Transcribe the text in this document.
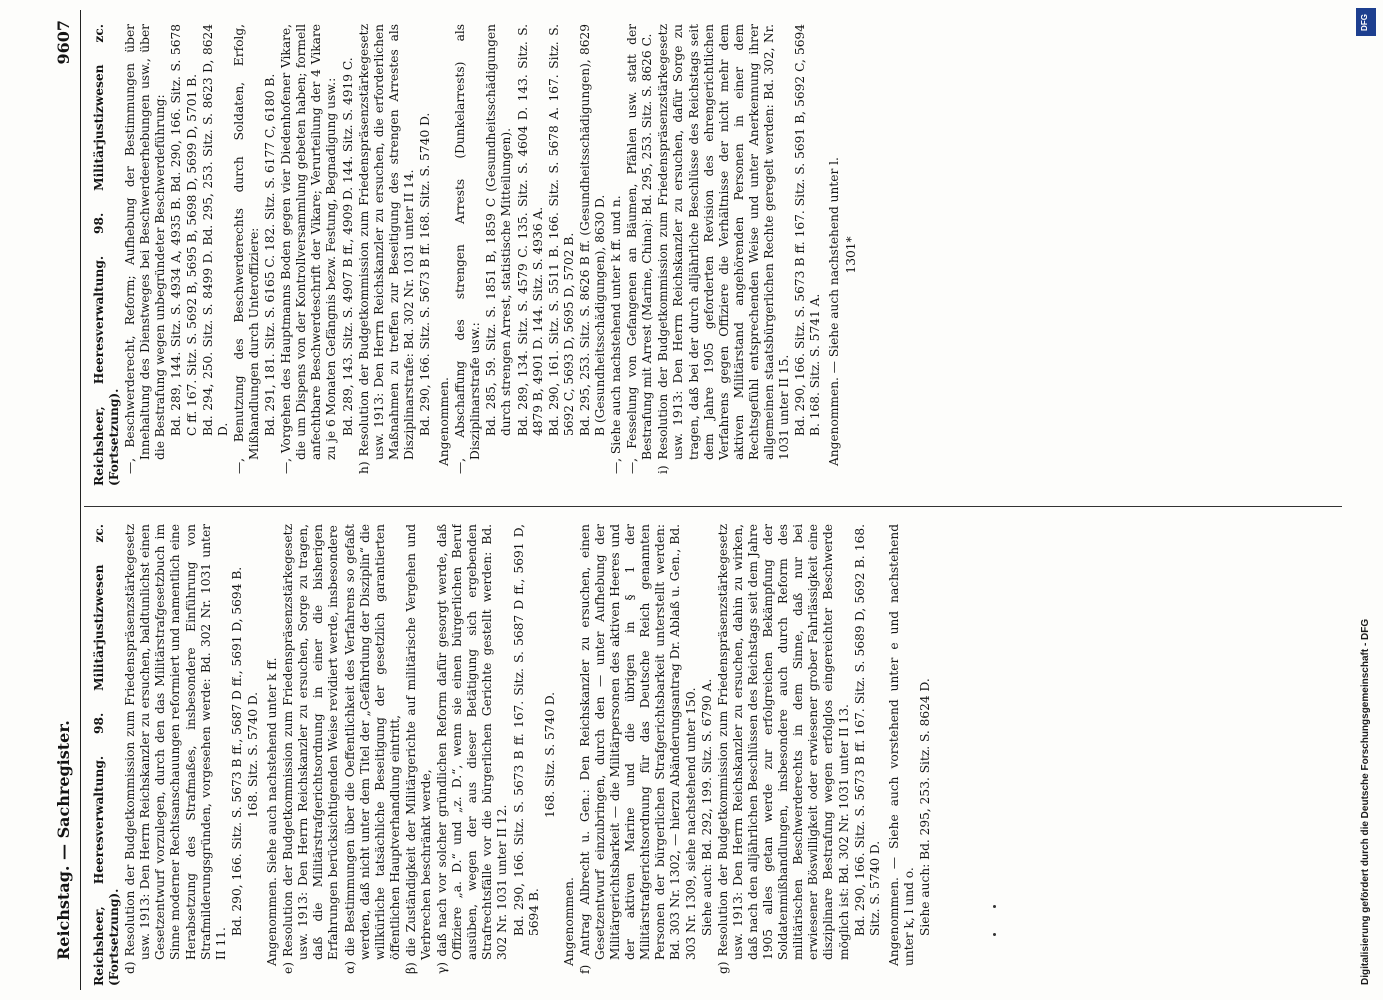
Reichstag. — Sachregister.
9607

Reichsheer, Heeresverwaltung. 98. Militärjustizwesen zc. (Fortsetzung). d) Resolution der Budgetkommission zum Friedenspräsenzstärkegesetz usw. 1913: Den Herrn Reichskanzler zu ersuchen, baldtunlichst einen Gesetzentwurf vorzulegen, durch den das Militärstrafgesetzbuch im Sinne moderner Rechtsanschauungen reformiert und namentlich eine Herabsetzung des Strafmaßes, insbesondere Einführung von Strafmilderungsgründen, vorgesehen werde: Bd. 302 Nr. 1031 unter II 11.

Bd. 290, 166. Sitz. S. 5673 B ff., 5687 D ff., 5691 D, 5694 B. 168. Sitz. S. 5740 D. Angenommen. Siehe auch nachstehend unter k ff. e) Resolution der Budgetkommission zum Friedenspräsenzstärkegesetz usw. 1913: Den Herrn Reichskanzler zu ersuchen, Sorge zu tragen, daß die Militärstrafgerichtsordnung in einer die bisherigen Erfahrungen berücksichtigenden Weise revidiert werde, insbesondere α) die Bestimmungen über die Oeffentlichkeit des Verfahrens so gefaßt werden, daß nicht unter dem Titel der „Gefährdung der Disziplin“ die willkürliche tatsächliche Beseitigung der gesetzlich garantierten öffentlichen Hauptverhandlung eintritt, β) die Zuständigkeit der Militärgerichte auf militärische Vergehen und Verbrechen beschränkt werde, γ) daß nach vor solcher gründlichen Reform dafür gesorgt werde, daß Offiziere „a. D.“ und „z. D.“, wenn sie einen bürgerlichen Beruf ausüben, wegen der aus dieser Betätigung sich ergebenden Strafrechtsfälle vor die bürgerlichen Gerichte gestellt werden: Bd. 302 Nr. 1031 unter II 12. Bd. 290, 166. Sitz. S. 5673 B ff. 167. Sitz. S. 5687 D ff., 5691 D, 5694 B.

168. Sitz. S. 5740 D.

Angenommen. f) Antrag Albrecht u. Gen.: Den Reichskanzler zu ersuchen, einen Gesetzentwurf einzubringen, durch den — unter Aufhebung der Militärgerichtsbarkeit — die Militärpersonen des aktiven Heeres und der aktiven Marine und die übrigen in § 1 der Militärstrafgerichtsordnung für das Deutsche Reich genannten Personen der bürgerlichen Strafgerichtsbarkeit unterstellt werden: Bd. 303 Nr. 1302, — hierzu Abänderungsantrag Dr. Ablaß u. Gen., Bd. 303 Nr. 1309, siehe nachstehend unter 150. Siehe auch: Bd. 292, 199. Sitz. S. 6790 A. g) Resolution der Budgetkommission zum Friedenspräsenzstärkegesetz usw. 1913: Den Herrn Reichskanzler zu ersuchen, dahin zu wirken, daß nach den alljährlichen Beschlüssen des Reichstags seit dem Jahre 1905 alles getan werde zur erfolgreichen Bekämpfung der Soldatenmißhandlungen, insbesondere auch durch Reform des militärischen Beschwerderechts in dem Sinne, daß nur bei erwiesener Böswilligkeit oder erwiesener grober Fahrlässigkeit eine disziplinare Bestrafung wegen erfolglos eingereichter Beschwerde möglich ist: Bd. 302 Nr. 1031 unter II 13. Bd. 290, 166. Sitz. S. 5673 B ff. 167. Sitz. S. 5689 D, 5692 B. 168. Sitz. S. 5740 D. Angenommen. — Siehe auch vorstehend unter e und nachstehend unter k, l und o. Siehe auch: Bd. 295, 253. Sitz. S. 8624 D.

Reichsheer, Heeresverwaltung. 98. Militärjustizwesen zc. (Fortsetzung). —, Beschwerderecht, Reform; Aufhebung der Bestimmungen über Innehaltung des Dienstweges bei Beschwerdeerhebungen usw., über die Bestrafung wegen unbegründeter Beschwerdeführung: Bd. 289, 144. Sitz. S. 4934 A, 4935 B. Bd. 290, 166. Sitz. S. 5678 C ff. 167. Sitz. S. 5692 B, 5695 B, 5698 D, 5699 D, 5701 B. Bd. 294, 250. Sitz. S. 8499 D. Bd. 295, 253. Sitz. S. 8623 D, 8624 D. —, Benutzung des Beschwerderechts durch Soldaten, Erfolg, Mißhandlungen durch Unteroffiziere: Bd. 291, 181. Sitz. S. 6165 C. 182. Sitz. S. 6177 C, 6180 B. —, Vorgehen des Hauptmanns Boden gegen vier Diedenhofener Vikare, die um Dispens von der Kontrollversammlung gebeten haben; formell anfechtbare Beschwerdeschrift der Vikare; Verurteilung der 4 Vikare zu je 6 Monaten Gefängnis bezw. Festung, Begnadigung usw.: Bd. 289, 143. Sitz. S. 4907 B ff., 4909 D. 144. Sitz. S. 4919 C. h) Resolution der Budgetkommission zum Friedenspräsenzstärkegesetz usw. 1913: Den Herrn Reichskanzler zu ersuchen, die erforderlichen Maßnahmen zu treffen zur Beseitigung des strengen Arrestes als Disziplinarstrafe: Bd. 302 Nr. 1031 unter II 14. Bd. 290, 166. Sitz. S. 5673 B ff. 168. Sitz. S. 5740 D. Angenommen. —, Abschaffung des strengen Arrests (Dunkelarrests) als Disziplinarstrafe usw.: Bd. 285, 59. Sitz. S. 1851 B, 1859 C (Gesundheitsschädigungen durch strengen Arrest, statistische Mitteilungen). Bd. 289, 134. Sitz. S. 4579 C. 135. Sitz. S. 4604 D. 143. Sitz. S. 4879 B, 4901 D. 144. Sitz. S. 4936 A. Bd. 290, 161. Sitz. S. 5511 B. 166. Sitz. S. 5678 A. 167. Sitz. S. 5692 C, 5693 D, 5695 D, 5702 B. Bd. 295, 253. Sitz. S. 8626 B ff. (Gesundheitsschädigungen), 8629 B (Gesundheitsschädigungen), 8630 D. —, Siehe auch nachstehend unter k ff. und n. —, Fesselung von Gefangenen an Bäumen, Pfählen usw. statt der Bestrafung mit Arrest (Marine, China): Bd. 295, 253. Sitz. S. 8626 C. i) Resolution der Budgetkommission zum Friedenspräsenzstärkegesetz usw. 1913: Den Herrn Reichskanzler zu ersuchen, dafür Sorge zu tragen, daß bei der durch alljährliche Beschlüsse des Reichstags seit dem Jahre 1905 geforderten Revision des ehrengerichtlichen Verfahrens gegen Offiziere die Verhältnisse der nicht mehr dem aktiven Militärstand angehörenden Personen in einer dem Rechtsgefühl entsprechenden Weise und unter Anerkennung ihrer allgemeinen staatsbürgerlichen Rechte geregelt werden: Bd. 302, Nr. 1031 unter II 15. Bd. 290, 166. Sitz. S. 5673 B ff. 167. Sitz. S. 5691 B, 5692 C, 5694 B. 168. Sitz. S. 5741 A. Angenommen. — Siehe auch nachstehend unter l. 1301*

DFG
Digitalisierung gefördert durch die Deutsche Forschungsgemeinschaft - DFG
